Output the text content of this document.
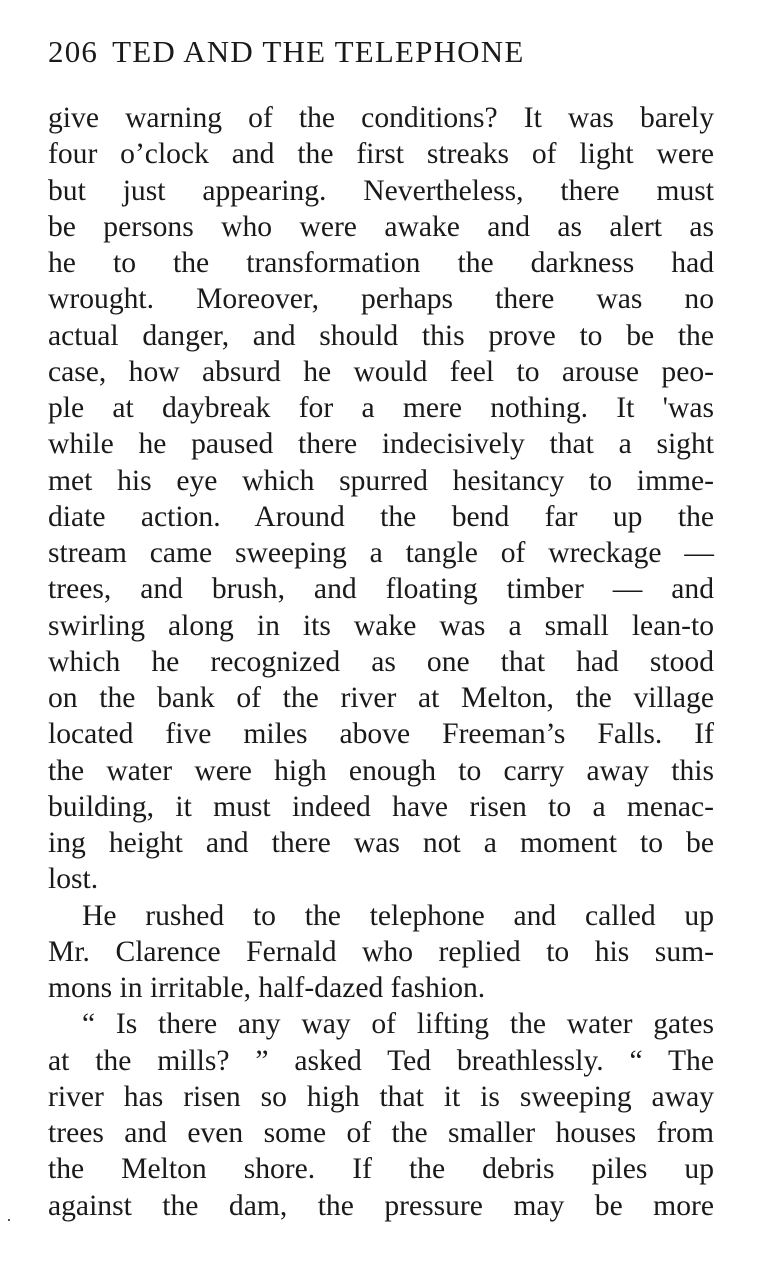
206 TED AND THE TELEPHONE
give warning of the conditions? It was barely
four o’clock and the first streaks of light were
but just appearing. Nevertheless, there must
be persons who were awake and as alert as
he to the transformation the darkness had
wrought. Moreover, perhaps there was no
actual danger, and should this prove to be the
case, how absurd he would feel to arouse peo-
ple at daybreak for a mere nothing. It 'was
while he paused there indecisively that a sight
met his eye which spurred hesitancy to imme-
diate action. Around the bend far up the
stream came sweeping a tangle of wreckage —
trees, and brush, and floating timber — and
swirling along in its wake was a small lean-to
which he recognized as one that had stood
on the bank of the river at Melton, the village
located five miles above Freeman’s Falls. If
the water were high enough to carry away this
building, it must indeed have risen to a menac-
ing height and there was not a moment to be
lost.
He rushed to the telephone and called up
Mr. Clarence Fernald who replied to his sum-
mons in irritable, half-dazed fashion.
“ Is there any way of lifting the water gates
at the mills? ” asked Ted breathlessly. “ The
river has risen so high that it is sweeping away
trees and even some of the smaller houses from
the Melton shore. If the debris piles up
against the dam, the pressure may be more
